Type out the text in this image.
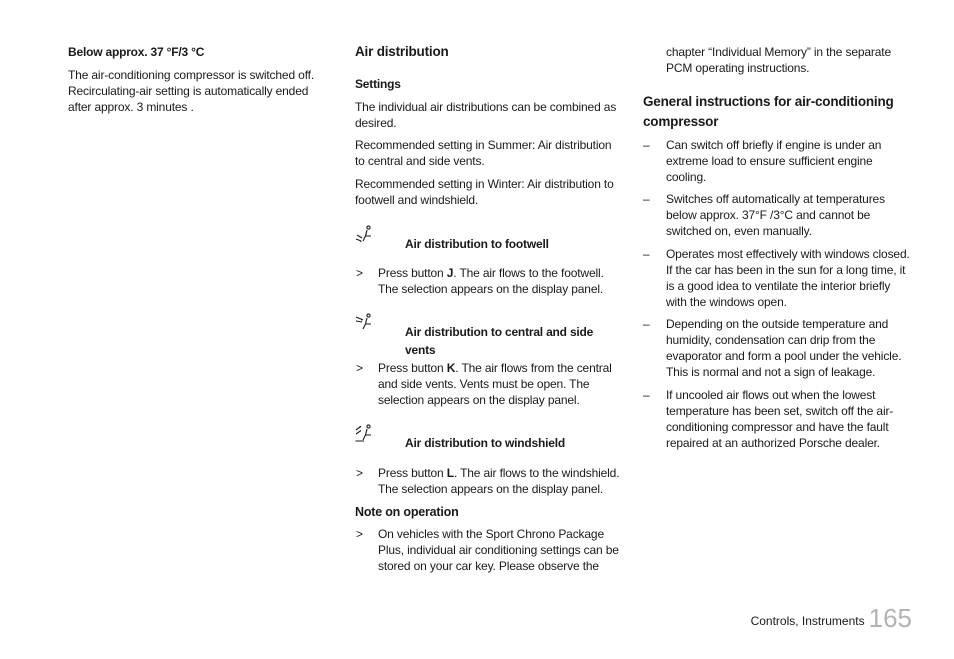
Below approx. 37 °F/3 °C

The air-conditioning compressor is switched off. Recirculating-air setting is automatically ended after approx. 3 minutes .

Air distribution

Settings

The individual air distributions can be combined as desired.

Recommended setting in Summer: Air distribution to central and side vents.

Recommended setting in Winter: Air distribution to footwell and windshield.

Air distribution to footwell

> Press button J. The air flows to the footwell. The selection appears on the display panel.

Air distribution to central and side vents

> Press button K. The air flows from the central and side vents. Vents must be open. The selection appears on the display panel.

Air distribution to windshield

> Press button L. The air flows to the windshield. The selection appears on the display panel.

Note on operation

> On vehicles with the Sport Chrono Package Plus, individual air conditioning settings can be stored on your car key. Please observe the
chapter “Individual Memory” in the separate PCM operating instructions.

General instructions for air-conditioning compressor

– Can switch off briefly if engine is under an extreme load to ensure sufficient engine cooling.
– Switches off automatically at temperatures below approx. 37°F /3°C and cannot be switched on, even manually.
– Operates most effectively with windows closed. If the car has been in the sun for a long time, it is a good idea to ventilate the interior briefly with the windows open.
– Depending on the outside temperature and humidity, condensation can drip from the evaporator and form a pool under the vehicle. This is normal and not a sign of leakage.
– If uncooled air flows out when the lowest temperature has been set, switch off the air-conditioning compressor and have the fault repaired at an authorized Porsche dealer.
Controls, Instruments 165
